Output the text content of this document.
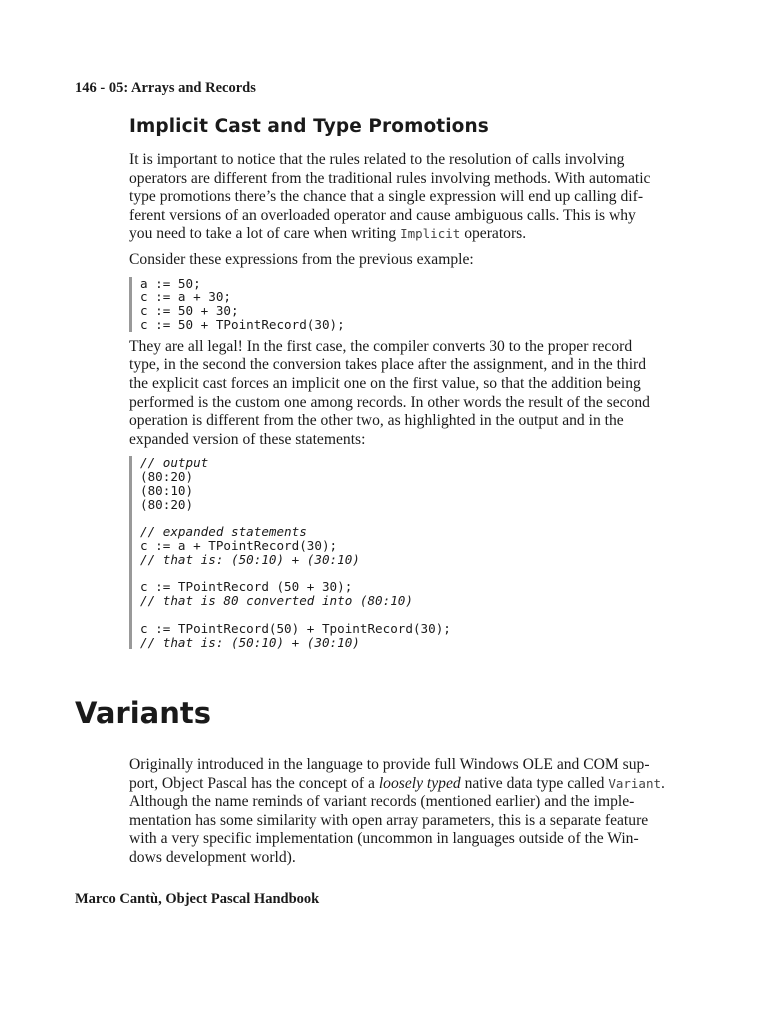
146 - 05: Arrays and Records
Implicit Cast and Type Promotions

It is important to notice that the rules related to the resolution of calls involving
operators are different from the traditional rules involving methods. With automatic
type promotions there’s the chance that a single expression will end up calling dif-
ferent versions of an overloaded operator and cause ambiguous calls. This is why
you need to take a lot of care when writing Implicit operators.

Consider these expressions from the previous example:

a := 50;
c := a + 30;
c := 50 + 30;
c := 50 + TPointRecord(30);

They are all legal! In the first case, the compiler converts 30 to the proper record
type, in the second the conversion takes place after the assignment, and in the third
the explicit cast forces an implicit one on the first value, so that the addition being
performed is the custom one among records. In other words the result of the second
operation is different from the other two, as highlighted in the output and in the
expanded version of these statements:

// output
(80:20)
(80:10)
(80:20)
// expanded statements
c := a + TPointRecord(30);
// that is: (50:10) + (30:10)
c := TPointRecord (50 + 30);
// that is 80 converted into (80:10)
c := TPointRecord(50) + TpointRecord(30);
// that is: (50:10) + (30:10)
Variants

Originally introduced in the language to provide full Windows OLE and COM sup-
port, Object Pascal has the concept of a loosely typed native data type called Variant.
Although the name reminds of variant records (mentioned earlier) and the imple-
mentation has some similarity with open array parameters, this is a separate feature
with a very specific implementation (uncommon in languages outside of the Win-
dows development world).

Marco Cantù, Object Pascal Handbook
